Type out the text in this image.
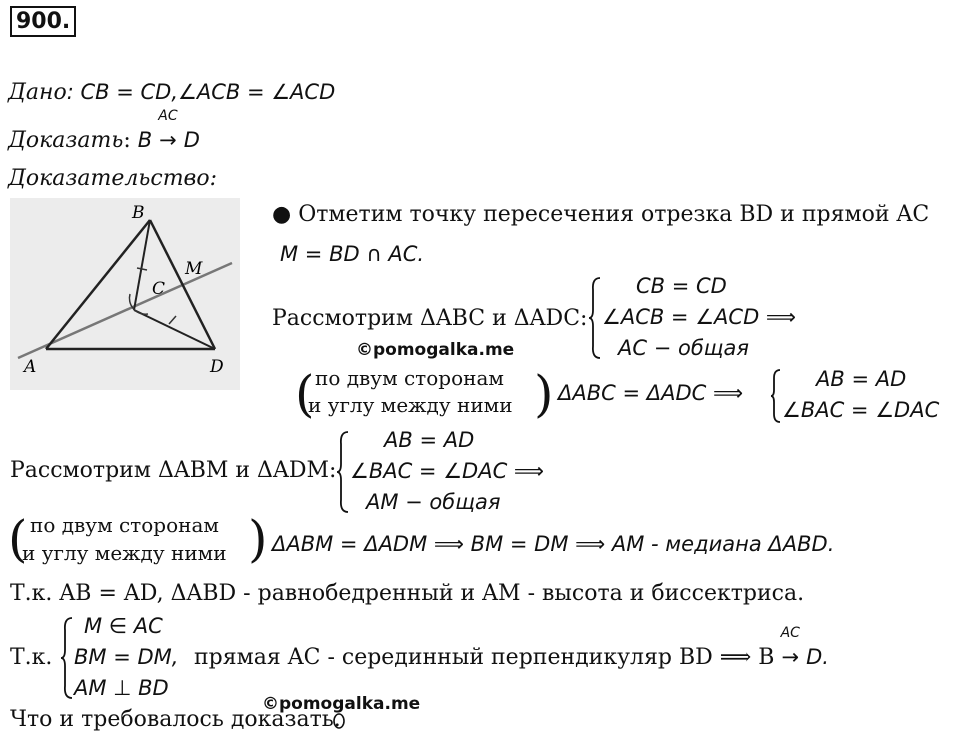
900.
Дано: CB = CD,∠ACB = ∠ACD
Доказать: B
AC
→ D
Доказательство:
B
A
C
D
M
● Отметим точку пересечения отрезка BD и прямой AC
M = BD ∩ AC.
Рассмотрим ΔABC и ΔADC:
CB = CD
∠ACB = ∠ACD ⟹
AC − общая
©pomogalka.me
( по двум сторонам
и углу между ними ) ΔABC = ΔADC ⟹
AB = AD
∠BAC = ∠DAC
Рассмотрим ΔABM и ΔADM:
AB = AD
∠BAC = ∠DAC ⟹
AM − общая
( по двум сторонам
и углу между ними ) ΔABM = ΔADM ⟹ BM = DM ⟹ AM - медиана ΔABD.
Т.к. AB = AD, ΔABD - равнобедренный и AM - высота и биссектриса.
Т.к.
M ∈ AC
BM = DM,
AM ⊥ BD
прямая AC - серединный перпендикуляр BD ⟹ B
AC
→ D.
©pomogalka.me
Что и требовалось доказать.
